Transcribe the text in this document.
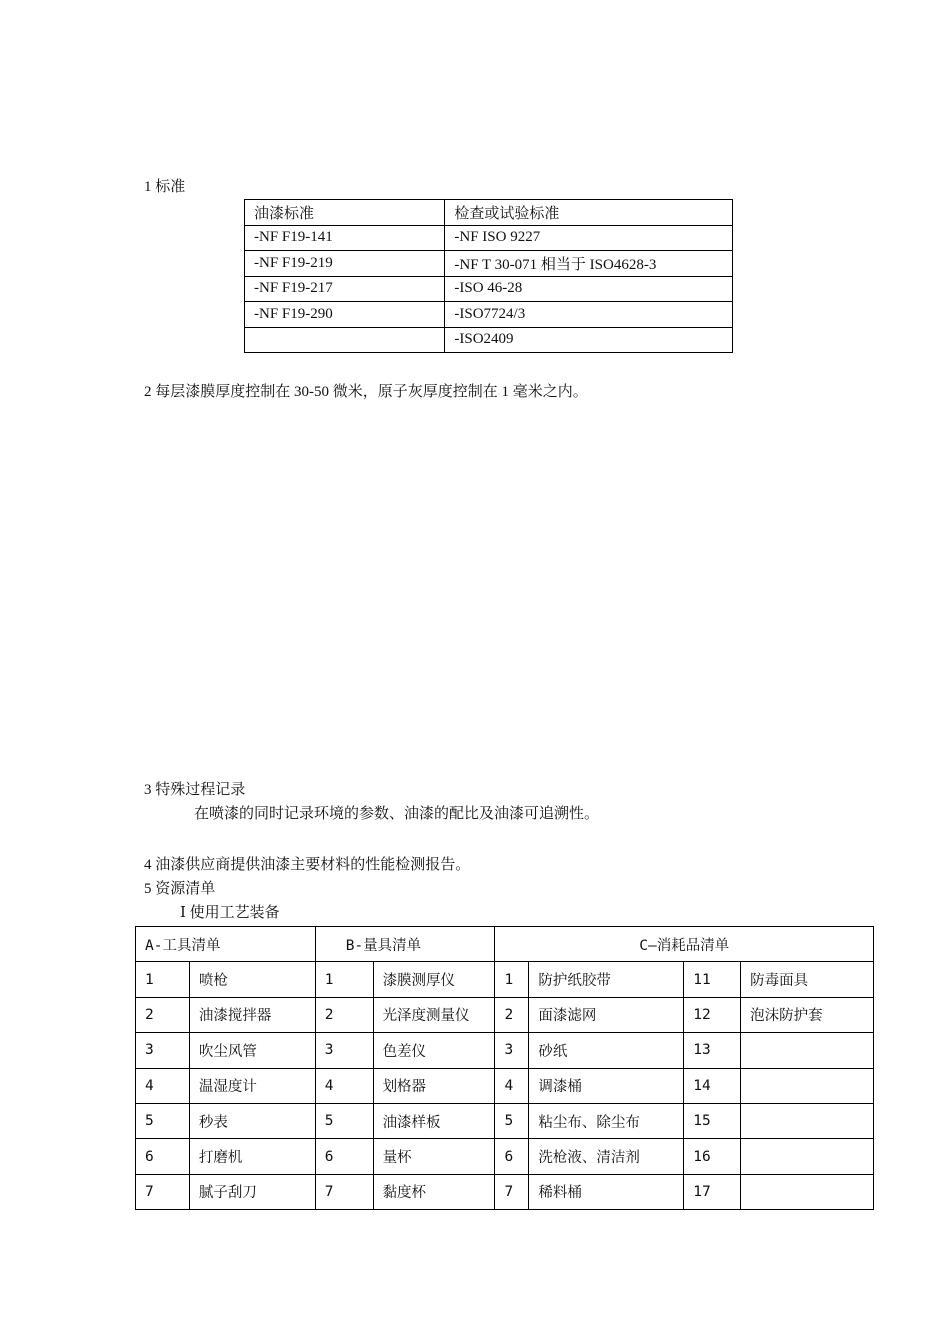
1 标准
油漆标准	检查或试验标准
-NF F19-141	-NF ISO 9227
-NF F19-219	-NF T 30-071 相当于 ISO4628-3
-NF F19-217	-ISO 46-28
-NF F19-290	-ISO7724/3
	-ISO2409
2 每层漆膜厚度控制在 30-50 微米，原子灰厚度控制在 1 毫米之内。
3 特殊过程记录
在喷漆的同时记录环境的参数、油漆的配比及油漆可追溯性。
4 油漆供应商提供油漆主要材料的性能检测报告。
5 资源清单
Ⅰ 使用工艺装备
A-工具清单		B-量具清单		C—消耗品清单			
1	喷枪	1	漆膜测厚仪	1	防护纸胶带	11	防毒面具
2	油漆搅拌器	2	光泽度测量仪	2	面漆滤网	12	泡沫防护套
3	吹尘风管	3	色差仪	3	砂纸	13	
4	温湿度计	4	划格器	4	调漆桶	14	
5	秒表	5	油漆样板	5	粘尘布、除尘布	15	
6	打磨机	6	量杯	6	洗枪液、清洁剂	16	
7	腻子刮刀	7	黏度杯	7	稀料桶	17	
